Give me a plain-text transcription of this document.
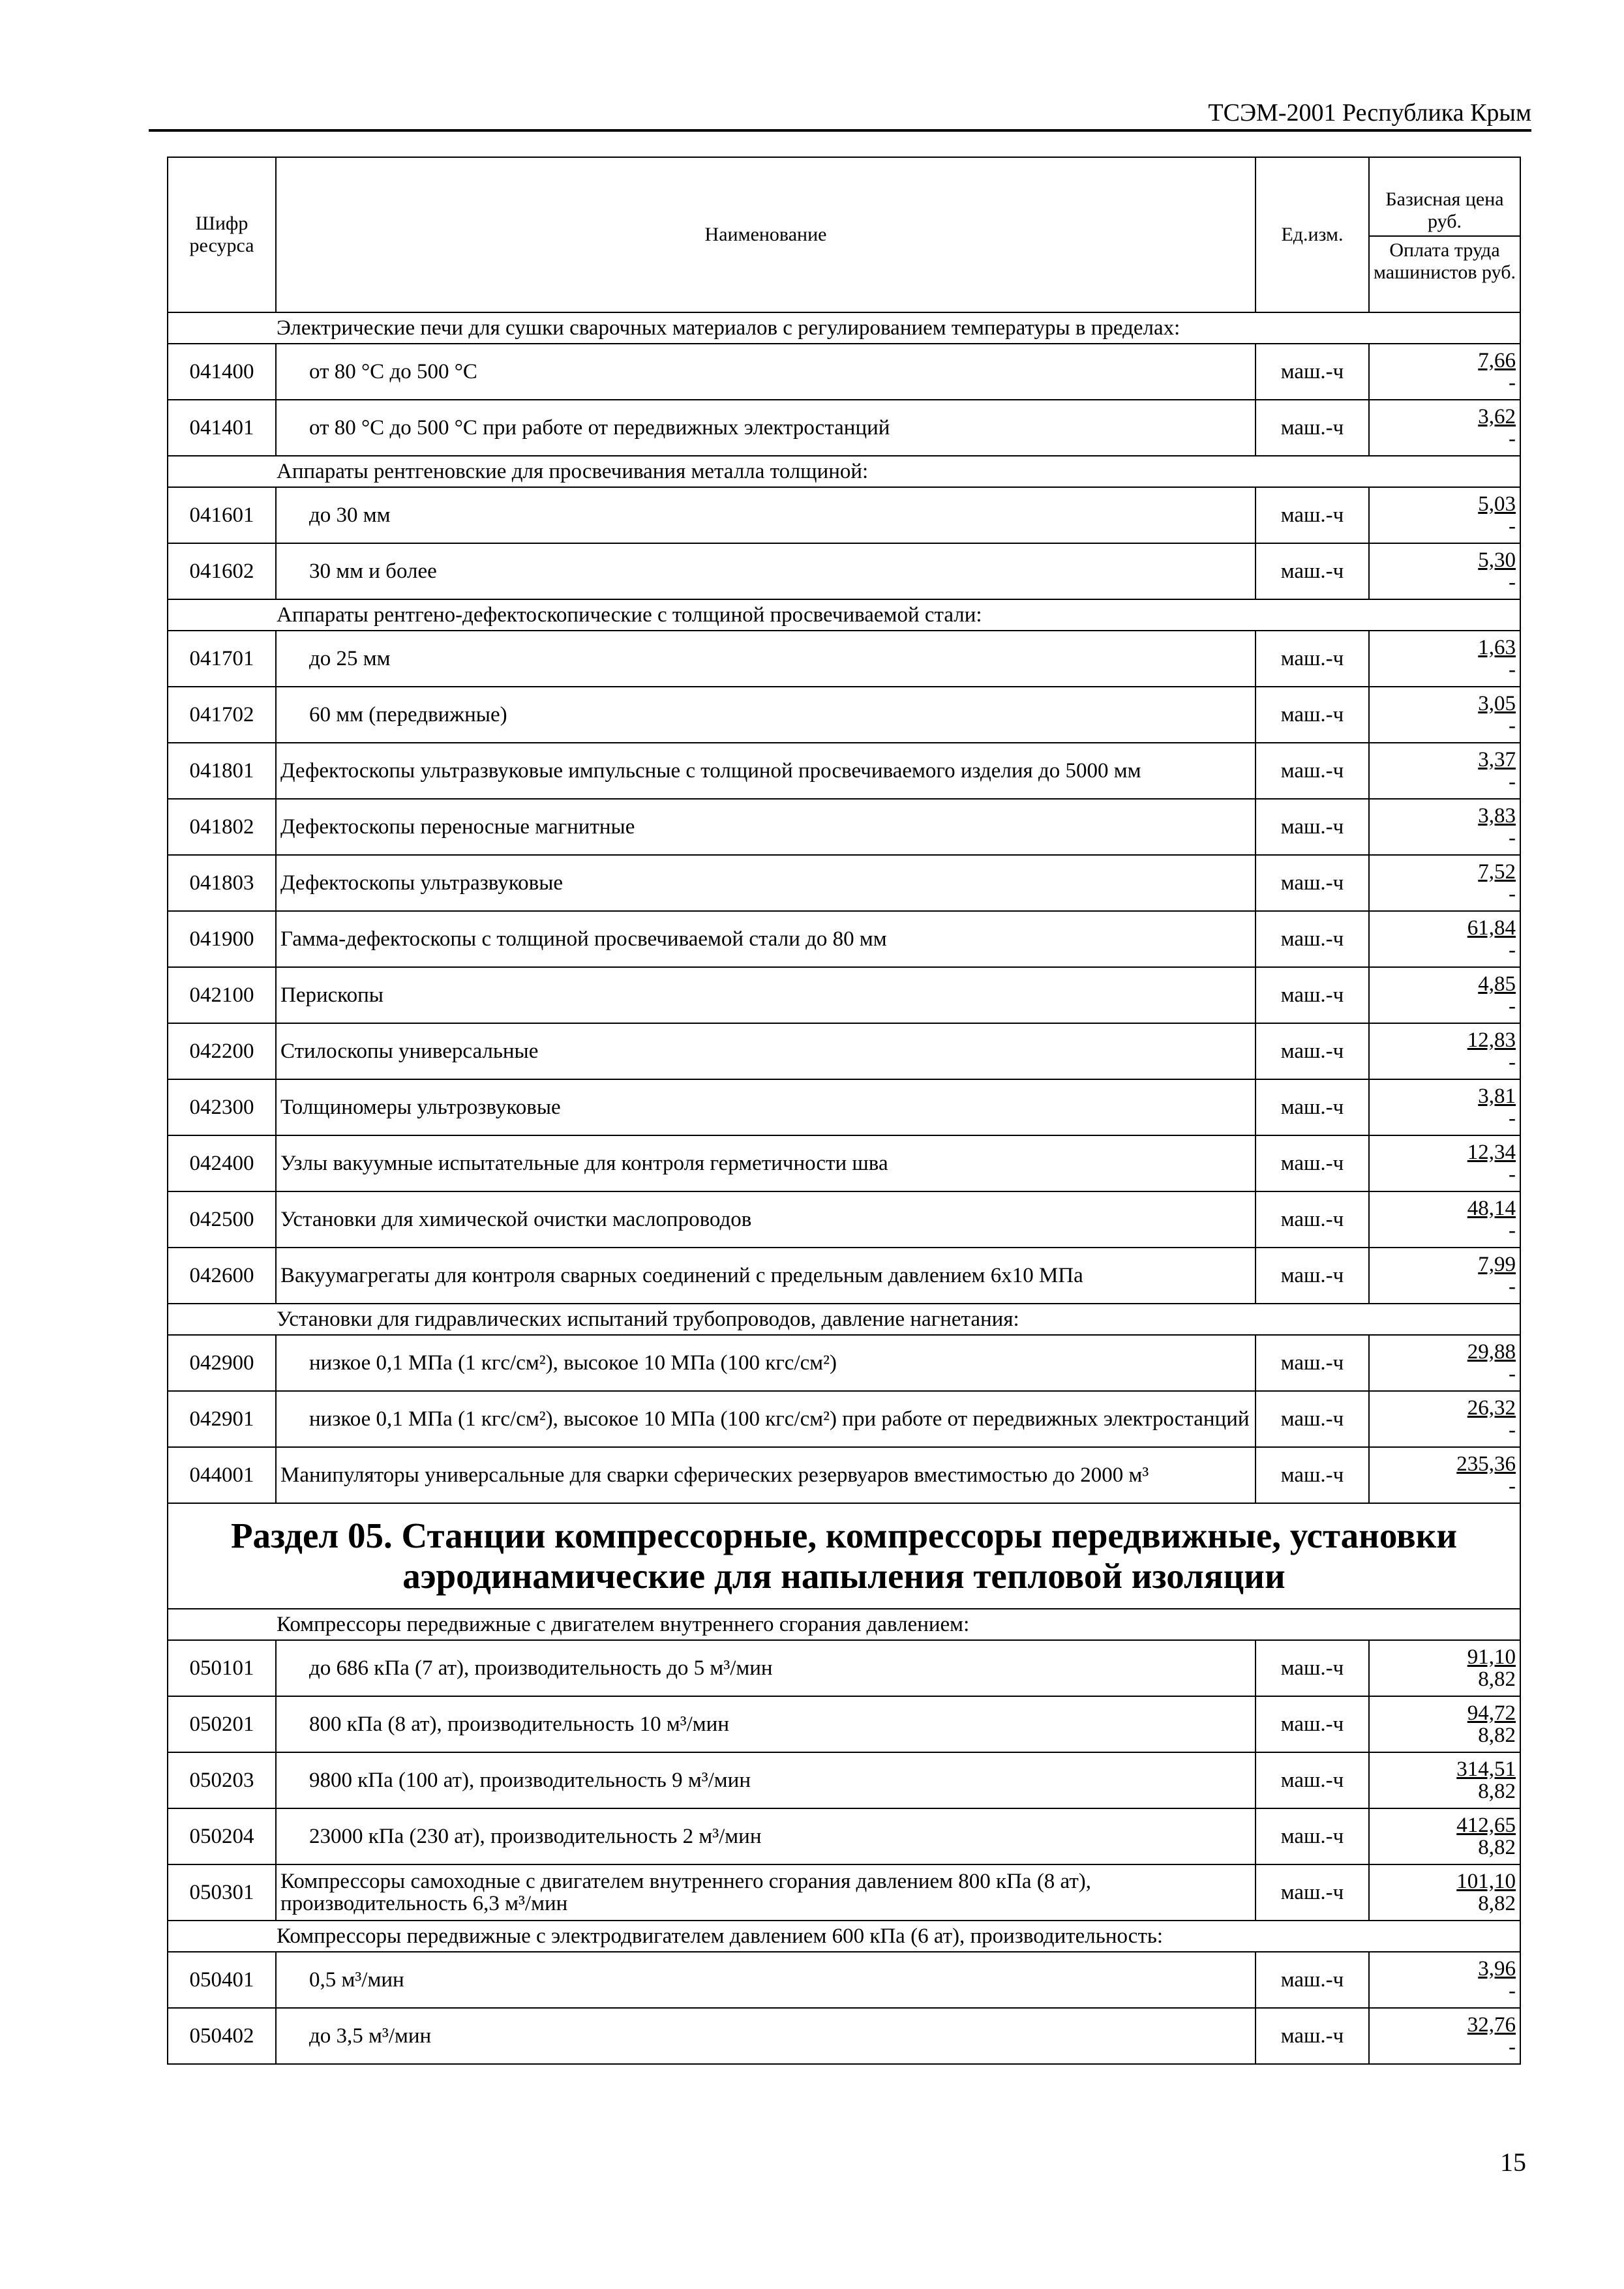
ТСЭМ-2001 Республика Крым
Шифр ресурса	Наименование	Ед.изм.	Базисная цена руб.
Оплата труда машинистов руб.

Электрические печи для сушки сварочных материалов с регулированием температуры в пределах:			
041400	от 80 °С до 500 °С	маш.-ч	7,66
-

041401	от 80 °С до 500 °С при работе от передвижных электростанций	маш.-ч	3,62
-

Аппараты рентгеновские для просвечивания металла толщиной:			
041601	до 30 мм	маш.-ч	5,03
-

041602	30 мм и более	маш.-ч	5,30
-

Аппараты рентгено-дефектоскопические с толщиной просвечиваемой стали:			
041701	до 25 мм	маш.-ч	1,63
-

041702	60 мм (передвижные)	маш.-ч	3,05
-

041801	Дефектоскопы ультразвуковые импульсные с толщиной просвечиваемого изделия до 5000 мм	маш.-ч	3,37
-

041802	Дефектоскопы переносные магнитные	маш.-ч	3,83
-

041803	Дефектоскопы ультразвуковые	маш.-ч	7,52
-

041900	Гамма-дефектоскопы с толщиной просвечиваемой стали до 80 мм	маш.-ч	61,84
-

042100	Перископы	маш.-ч	4,85
-

042200	Стилоскопы универсальные	маш.-ч	12,83
-

042300	Толщиномеры ультрозвуковые	маш.-ч	3,81
-

042400	Узлы вакуумные испытательные для контроля герметичности шва	маш.-ч	12,34
-

042500	Установки для химической очистки маслопроводов	маш.-ч	48,14
-

042600	Вакуумагрегаты для контроля сварных соединений с предельным давлением 6х10 МПа	маш.-ч	7,99
-

Установки для гидравлических испытаний трубопроводов, давление нагнетания:			
042900	низкое 0,1 МПа (1 кгс/см²), высокое 10 МПа (100 кгс/см²)	маш.-ч	29,88
-

042901	низкое 0,1 МПа (1 кгс/см²), высокое 10 МПа (100 кгс/см²) при работе от передвижных электростанций	маш.-ч	26,32
-

044001	Манипуляторы универсальные для сварки сферических резервуаров вместимостью до 2000 м³	маш.-ч	235,36
-

Раздел 05. Станции компрессорные, компрессоры передвижные, установки аэродинамические для напыления тепловой изоляции			
Компрессоры передвижные с двигателем внутреннего сгорания давлением:			
050101	до 686 кПа (7 ат), производительность до 5 м³/мин	маш.-ч	91,10
8,82

050201	800 кПа (8 ат), производительность 10 м³/мин	маш.-ч	94,72
8,82

050203	9800 кПа (100 ат), производительность 9 м³/мин	маш.-ч	314,51
8,82

050204	23000 кПа (230 ат), производительность 2 м³/мин	маш.-ч	412,65
8,82

050301	Компрессоры самоходные с двигателем внутреннего сгорания давлением 800 кПа (8 ат), производительность 6,3 м³/мин	маш.-ч	101,10
8,82

Компрессоры передвижные с электродвигателем давлением 600 кПа (6 ат), производительность:			
050401	0,5 м³/мин	маш.-ч	3,96
-

050402	до 3,5 м³/мин	маш.-ч	32,76
-
15
